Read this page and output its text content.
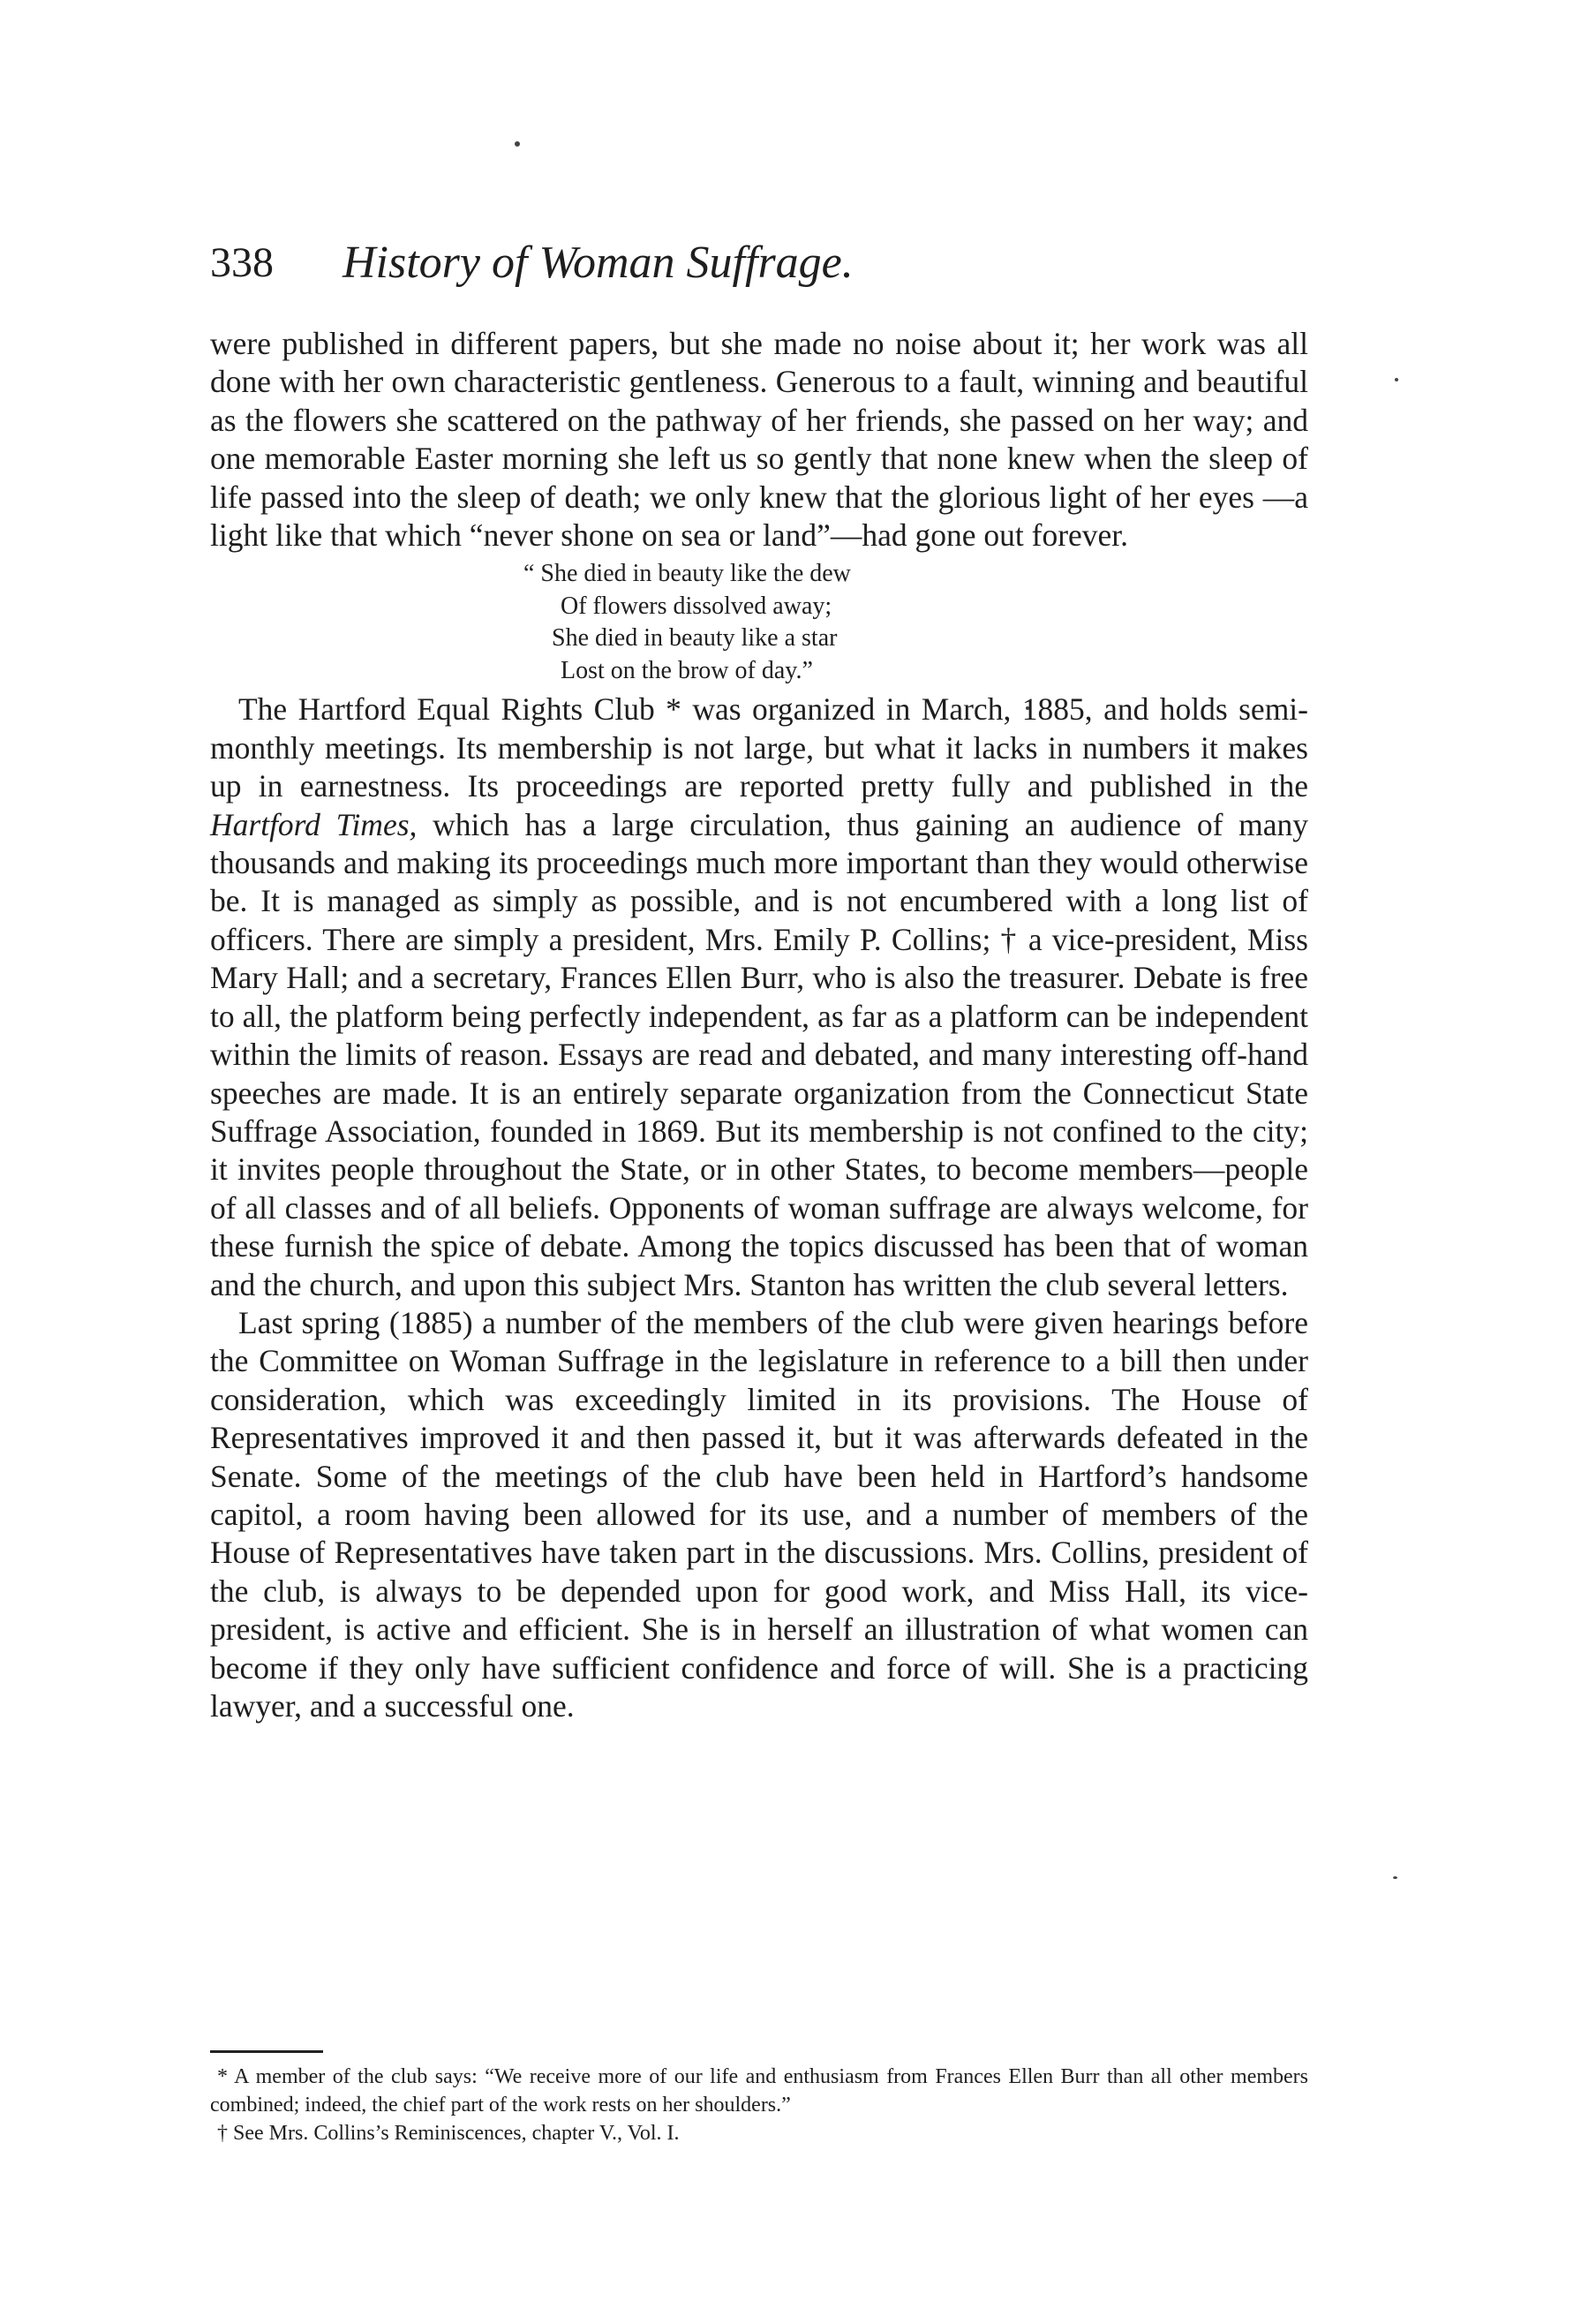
338 History of Woman Suffrage.

were published in different papers, but she made no noise about it; her work was all done with her own characteristic gentleness. Generous to a fault, winning and beautiful as the flowers she scattered on the pathway of her friends, she passed on her way; and one memorable Easter morning she left us so gently that none knew when the sleep of life passed into the sleep of death; we only knew that the glorious light of her eyes —a light like that which “never shone on sea or land”—had gone out forever.

“ She died in beauty like the dew
Of flowers dissolved away;
She died in beauty like a star
Lost on the brow of day.”

The Hartford Equal Rights Club * was organized in March, 1885, and holds semi-monthly meetings. Its membership is not large, but what it lacks in numbers it makes up in earnestness. Its proceedings are reported pretty fully and published in the Hartford Times, which has a large circulation, thus gaining an audience of many thousands and making its proceedings much more important than they would otherwise be. It is managed as simply as possible, and is not encumbered with a long list of officers. There are simply a president, Mrs. Emily P. Collins; † a vice-president, Miss Mary Hall; and a secretary, Frances Ellen Burr, who is also the treasurer. Debate is free to all, the platform being perfectly independent, as far as a platform can be independent within the limits of reason. Essays are read and debated, and many interesting off-hand speeches are made. It is an entirely separate organization from the Connecticut State Suffrage Association, founded in 1869. But its membership is not confined to the city; it invites people throughout the State, or in other States, to become members—people of all classes and of all beliefs. Opponents of woman suffrage are always welcome, for these furnish the spice of debate. Among the topics discussed has been that of woman and the church, and upon this subject Mrs. Stanton has written the club several letters.

Last spring (1885) a number of the members of the club were given hearings before the Committee on Woman Suffrage in the legislature in reference to a bill then under consideration, which was exceedingly limited in its provisions. The House of Representatives improved it and then passed it, but it was afterwards defeated in the Senate. Some of the meetings of the club have been held in Hartford’s handsome capitol, a room having been allowed for its use, and a number of members of the House of Representatives have taken part in the discussions. Mrs. Collins, president of the club, is always to be depended upon for good work, and Miss Hall, its vice-president, is active and efficient. She is in herself an illustration of what women can become if they only have sufficient confidence and force of will. She is a practicing lawyer, and a successful one.

* A member of the club says: “We receive more of our life and enthusiasm from Frances Ellen Burr than all other members combined; indeed, the chief part of the work rests on her shoulders.”

† See Mrs. Collins’s Reminiscences, chapter V., Vol. I.
